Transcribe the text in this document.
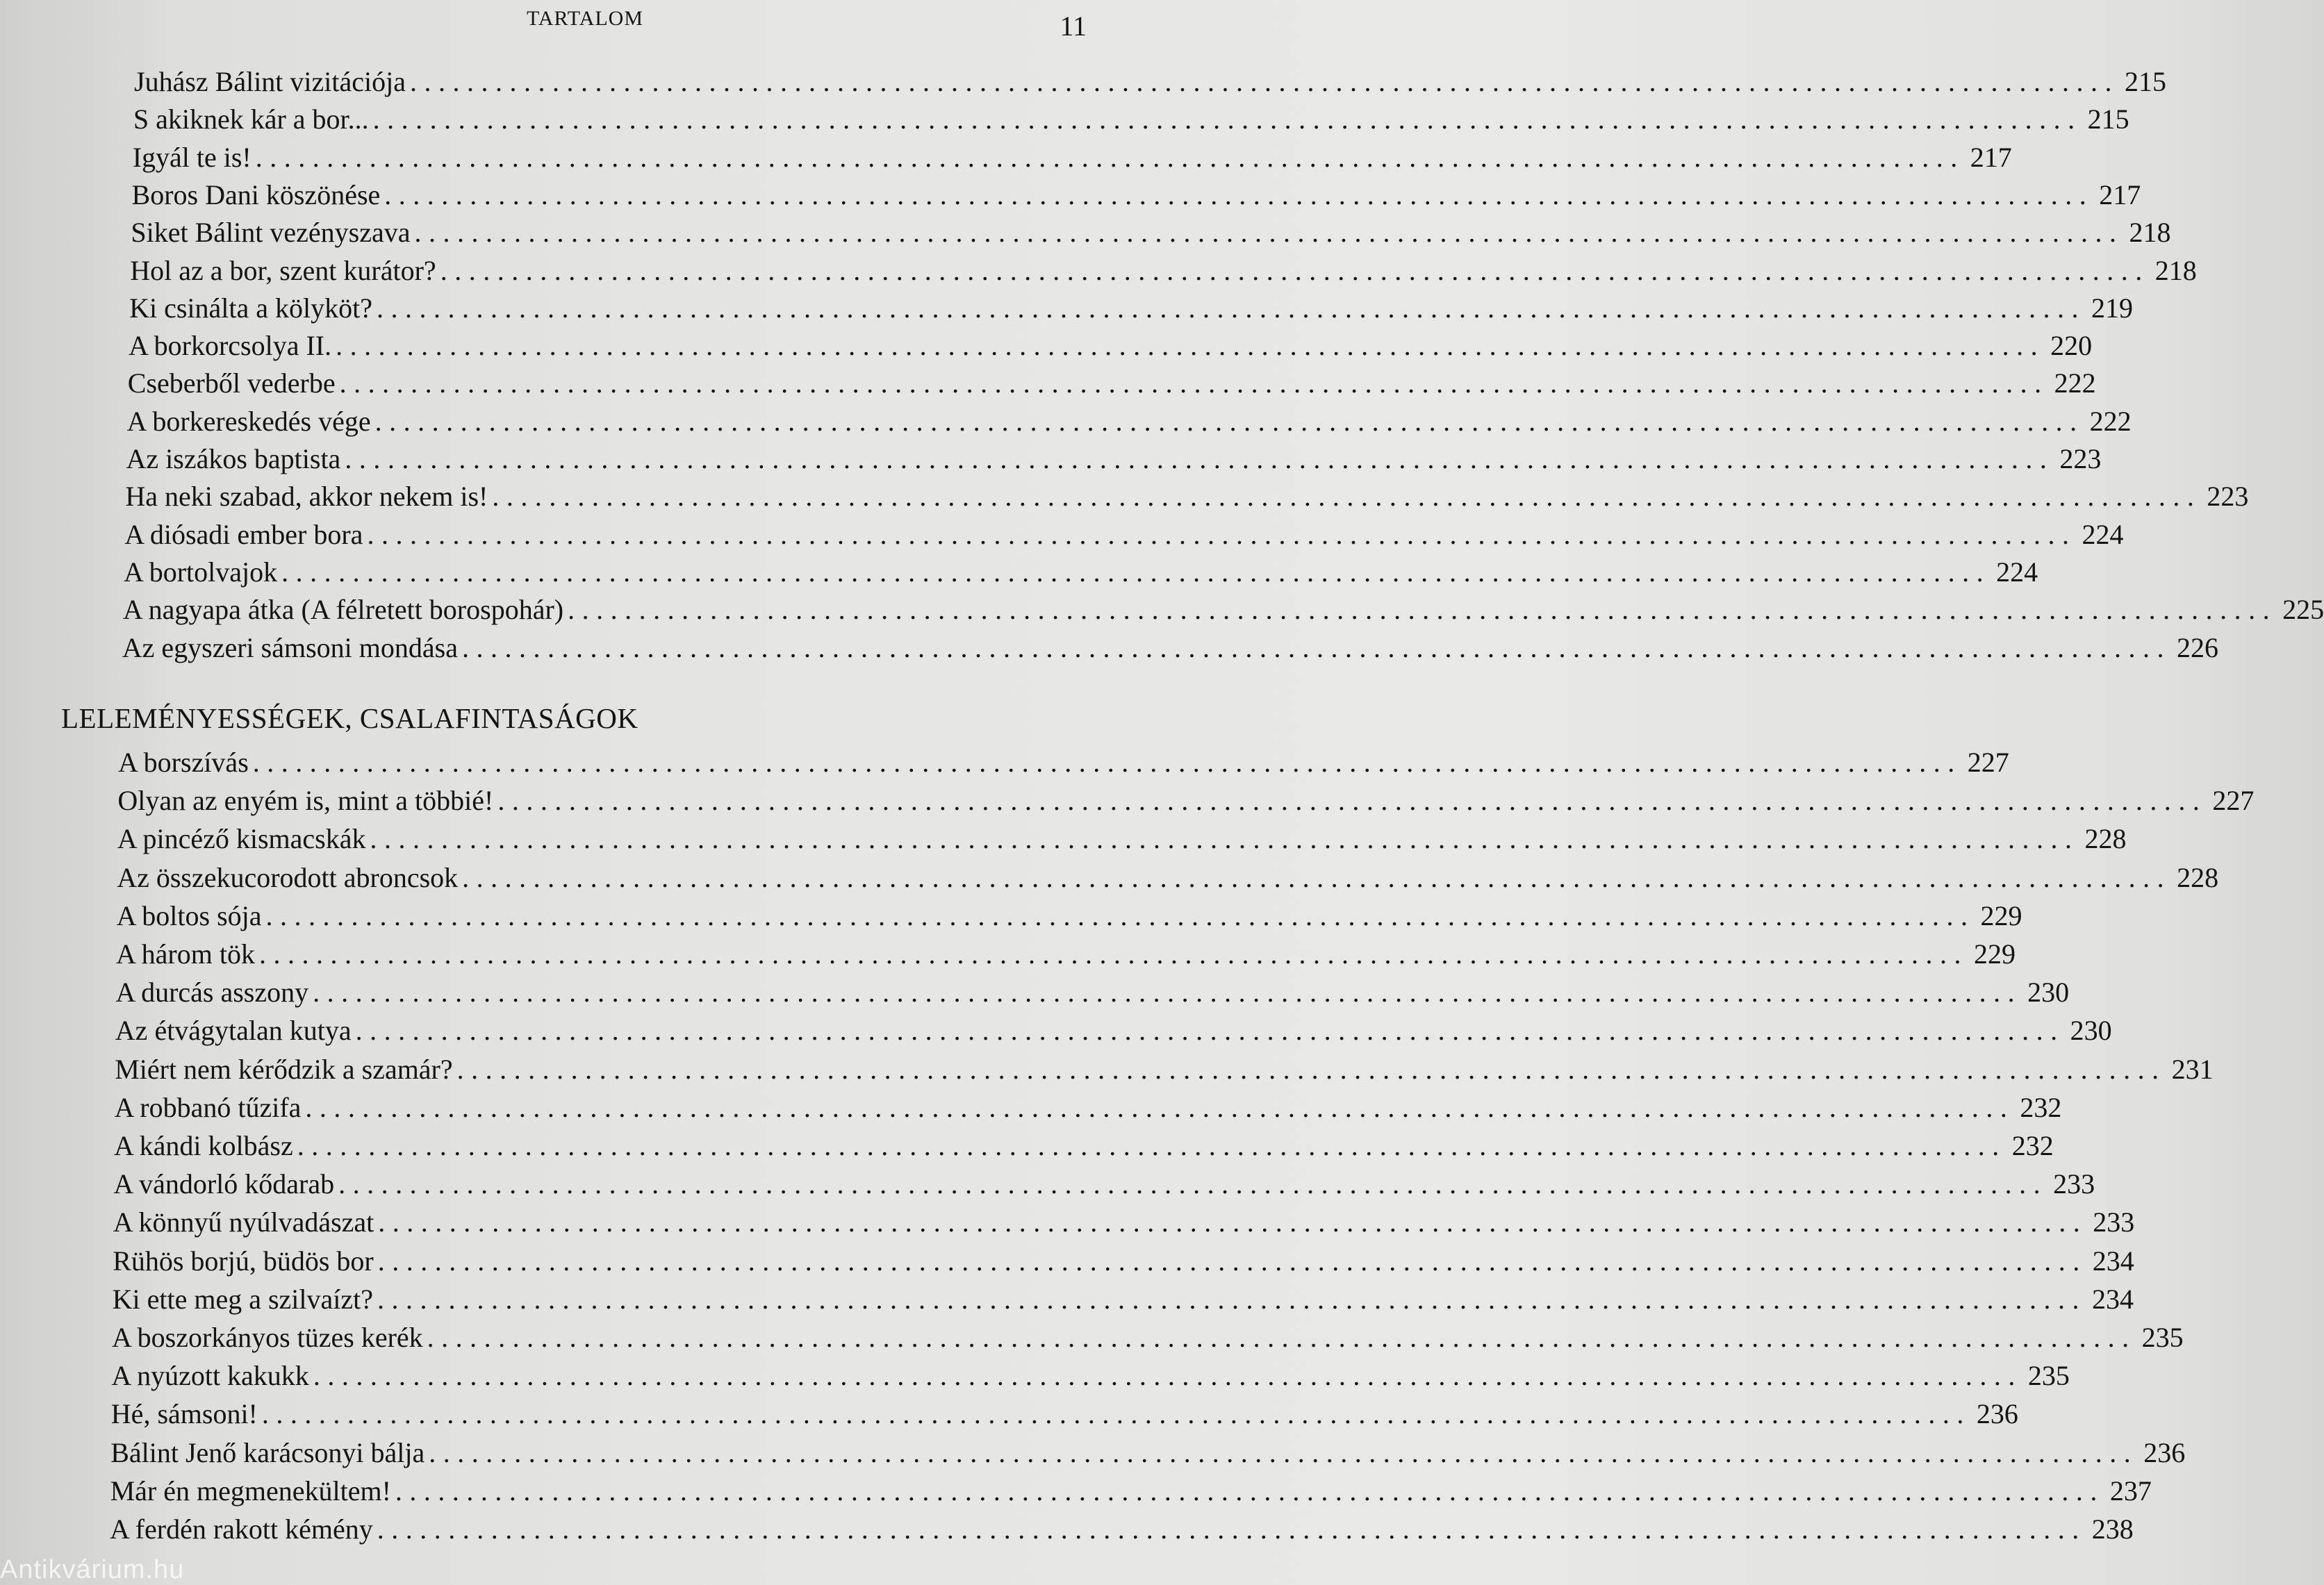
TARTALOM	11
Juhász Bálint vizitációja ........................................................................................................................ 215
S akiknek kár a bor... ........................................................................................................................ 215
Igyál te is! ........................................................................................................................ 217
Boros Dani köszönése ........................................................................................................................ 217
Siket Bálint vezényszava ........................................................................................................................ 218
Hol az a bor, szent kurátor? ........................................................................................................................ 218
Ki csinálta a kölyköt? ........................................................................................................................ 219
A borkorcsolya II. ........................................................................................................................ 220
Cseberből vederbe ........................................................................................................................ 222
A borkereskedés vége ........................................................................................................................ 222
Az iszákos baptista ........................................................................................................................ 223
Ha neki szabad, akkor nekem is! ........................................................................................................................ 223
A diósadi ember bora ........................................................................................................................ 224
A bortolvajok ........................................................................................................................ 224
A nagyapa átka (A félretett borospohár) ........................................................................................................................ 225
Az egyszeri sámsoni mondása ........................................................................................................................ 226
LELEMÉNYESSÉGEK, CSALAFINTASÁGOK
A borszívás ........................................................................................................................ 227
Olyan az enyém is, mint a többié! ........................................................................................................................ 227
A pincéző kismacskák ........................................................................................................................ 228
Az összekucorodott abroncsok ........................................................................................................................ 228
A boltos sója ........................................................................................................................ 229
A három tök ........................................................................................................................ 229
A durcás asszony ........................................................................................................................ 230
Az étvágytalan kutya ........................................................................................................................ 230
Miért nem kérődzik a szamár? ........................................................................................................................ 231
A robbanó tűzifa ........................................................................................................................ 232
A kándi kolbász ........................................................................................................................ 232
A vándorló kődarab ........................................................................................................................ 233
A könnyű nyúlvadászat ........................................................................................................................ 233
Rühös borjú, büdös bor ........................................................................................................................ 234
Ki ette meg a szilvaízt? ........................................................................................................................ 234
A boszorkányos tüzes kerék ........................................................................................................................ 235
A nyúzott kakukk ........................................................................................................................ 235
Hé, sámsoni! ........................................................................................................................ 236
Bálint Jenő karácsonyi bálja ........................................................................................................................ 236
Már én megmenekültem! ........................................................................................................................ 237
A ferdén rakott kémény ........................................................................................................................ 238
Antikvárium.hu
